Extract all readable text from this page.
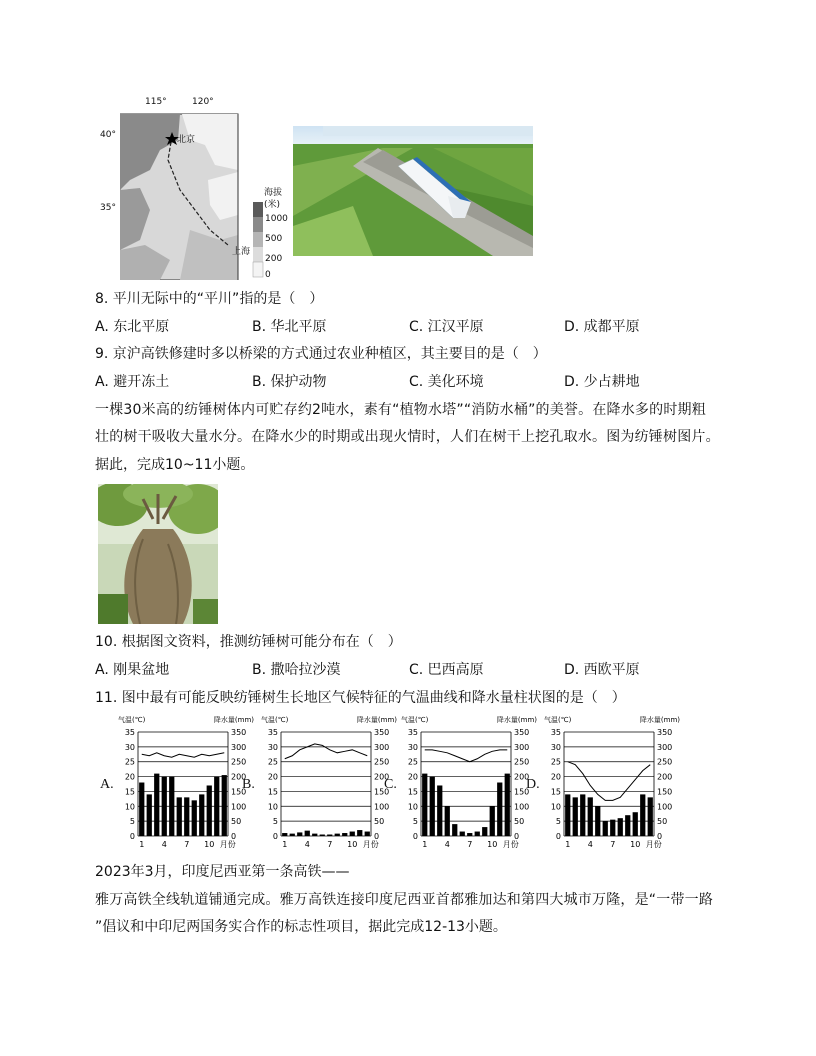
115°	120°
40°
35°
北京
上海
海拔
(米)
1000
500
200
0
8. 平川无际中的“平川”指的是（　）
A. 东北平原	B. 华北平原	C. 江汉平原	D. 成都平原
9. 京沪高铁修建时多以桥梁的方式通过农业种植区，其主要目的是（　）
A. 避开冻土	B. 保护动物	C. 美化环境	D. 少占耕地
一棵30米高的纺锤树体内可贮存约2吨水，素有“植物水塔”“消防水桶”的美誉。在降水多的时期粗
壮的树干吸收大量水分。在降水少的时期或出现火情时，人们在树干上挖孔取水。图为纺锤树图片。
据此，完成10~11小题。
10. 根据图文资料，推测纺锤树可能分布在（　）
A. 刚果盆地	B. 撒哈拉沙漠	C. 巴西高原	D. 西欧平原
11. 图中最有可能反映纺锤树生长地区气候特征的气温曲线和降水量柱状图的是（　）
A.
气温(℃)	降水量(mm)
0	0
5	50
10	100
15	150
20	200
25	250
30	300
35	350
1 4 7 10 月份
B.
气温(℃)	降水量(mm)
0	0
5	50
10	100
15	150
20	200
25	250
30	300
35	350
1 4 7 10 月份
C.
气温(℃)	降水量(mm)
0	0
5	50
10	100
15	150
20	200
25	250
30	300
35	350
1 4 7 10 月份
D.
气温(℃)	降水量(mm)
0	0
5	50
10	100
15	150
20	200
25	250
30	300
35	350
1 4 7 10 月份
2023年3月，印度尼西亚第一条高铁——
雅万高铁全线轨道铺通完成。雅万高铁连接印度尼西亚首都雅加达和第四大城市万隆，是“一带一路
”倡议和中印尼两国务实合作的标志性项目，据此完成12-13小题。
